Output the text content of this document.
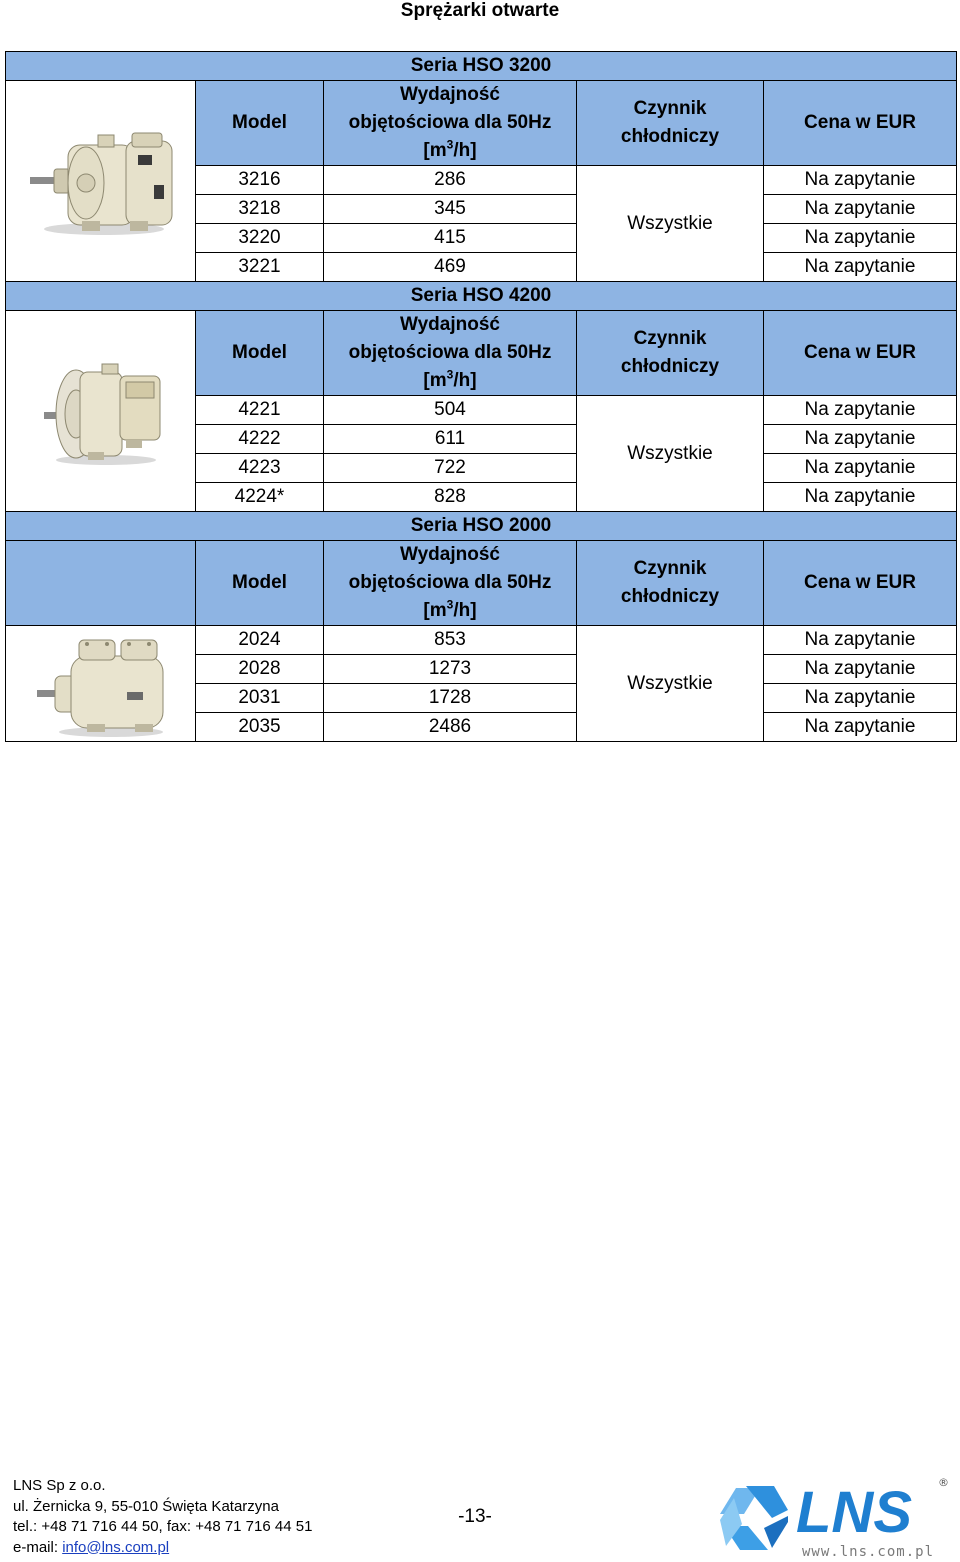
Sprężarki otwarte
Seria HSO 3200				

	Model	Wydajność
objętościowa dla 50Hz
$[m^3/h]$	Czynnik
chłodniczy	Cena w EUR
	3216	286	Wszystkie	Na zapytanie
	3218	345		Na zapytanie
	3220	415		Na zapytanie
	3221	469		Na zapytanie
Seria HSO 4200				

	Model	Wydajność
objętościowa dla 50Hz
$[m^3/h]$	Czynnik
chłodniczy	Cena w EUR
	4221	504	Wszystkie	Na zapytanie
	4222	611		Na zapytanie
	4223	722		Na zapytanie
	4224*	828		Na zapytanie
Seria HSO 2000				
	Model	Wydajność
objętościowa dla 50Hz
$[m^3/h]$	Czynnik
chłodniczy	Cena w EUR

	2024	853	Wszystkie	Na zapytanie
	2028	1273		Na zapytanie
	2031	1728		Na zapytanie
	2035	2486		Na zapytanie
LNS Sp z o.o.
ul. Żernicka 9, 55-010 Święta Katarzyna
tel.: +48 71 716 44 50, fax: +48 71 716 44 51
e-mail: info@lns.com.pl
-13-	LNS ®
www.lns.com.pl
